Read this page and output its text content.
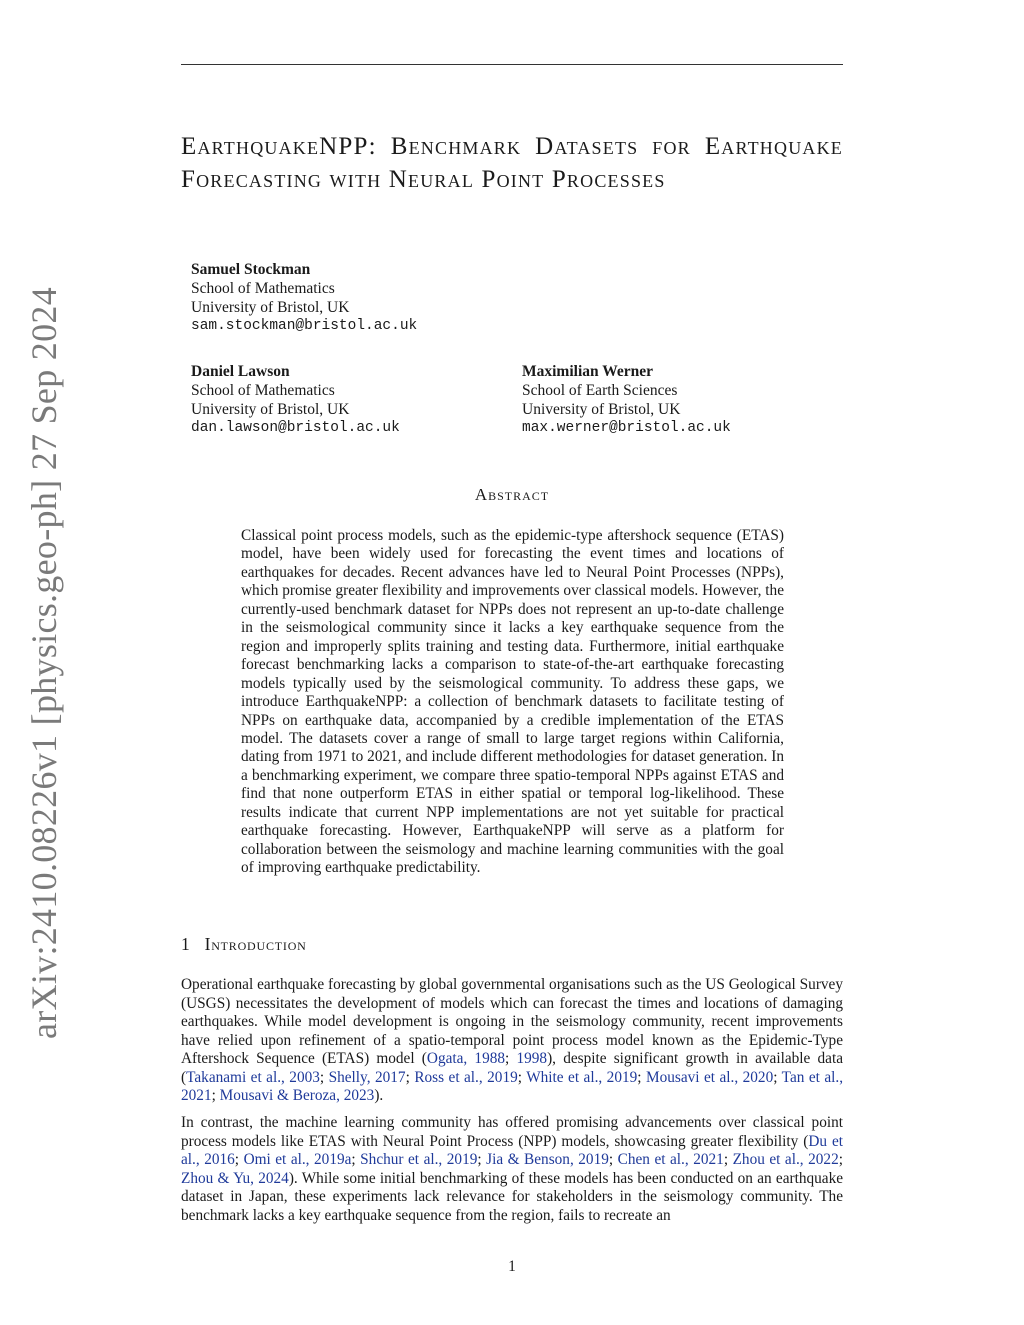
arXiv:2410.08226v1 [physics.geo-ph] 27 Sep 2024
EarthquakeNPP: Benchmark Datasets for Earthquake Forecasting with Neural Point Processes
Samuel Stockman
School of Mathematics
University of Bristol, UK
sam.stockman@bristol.ac.uk
Daniel Lawson
School of Mathematics
University of Bristol, UK
dan.lawson@bristol.ac.uk
Maximilian Werner
School of Earth Sciences
University of Bristol, UK
max.werner@bristol.ac.uk
Abstract
Classical point process models, such as the epidemic-type aftershock sequence (ETAS) model, have been widely used for forecasting the event times and locations of earthquakes for decades. Recent advances have led to Neural Point Processes (NPPs), which promise greater flexibility and improvements over classical models. However, the currently-used benchmark dataset for NPPs does not represent an up-to-date challenge in the seismological community since it lacks a key earthquake sequence from the region and improperly splits training and testing data. Furthermore, initial earthquake forecast benchmarking lacks a comparison to state-of-the-art earthquake forecasting models typically used by the seismological community. To address these gaps, we introduce EarthquakeNPP: a collection of benchmark datasets to facilitate testing of NPPs on earthquake data, accompanied by a credible implementation of the ETAS model. The datasets cover a range of small to large target regions within California, dating from 1971 to 2021, and include different methodologies for dataset generation. In a benchmarking experiment, we compare three spatio-temporal NPPs against ETAS and find that none outperform ETAS in either spatial or temporal log-likelihood. These results indicate that current NPP implementations are not yet suitable for practical earthquake forecasting. However, EarthquakeNPP will serve as a platform for collaboration between the seismology and machine learning communities with the goal of improving earthquake predictability.
1 Introduction
Operational earthquake forecasting by global governmental organisations such as the US Geological Survey (USGS) necessitates the development of models which can forecast the times and locations of damaging earthquakes. While model development is ongoing in the seismology community, recent improvements have relied upon refinement of a spatio-temporal point process model known as the Epidemic-Type Aftershock Sequence (ETAS) model (Ogata, 1988; 1998), despite significant growth in available data (Takanami et al., 2003; Shelly, 2017; Ross et al., 2019; White et al., 2019; Mousavi et al., 2020; Tan et al., 2021; Mousavi & Beroza, 2023).
In contrast, the machine learning community has offered promising advancements over classical point process models like ETAS with Neural Point Process (NPP) models, showcasing greater flexibility (Du et al., 2016; Omi et al., 2019a; Shchur et al., 2019; Jia & Benson, 2019; Chen et al., 2021; Zhou et al., 2022; Zhou & Yu, 2024). While some initial benchmarking of these models has been conducted on an earthquake dataset in Japan, these experiments lack relevance for stakeholders in the seismology community. The benchmark lacks a key earthquake sequence from the region, fails to recreate an
1
